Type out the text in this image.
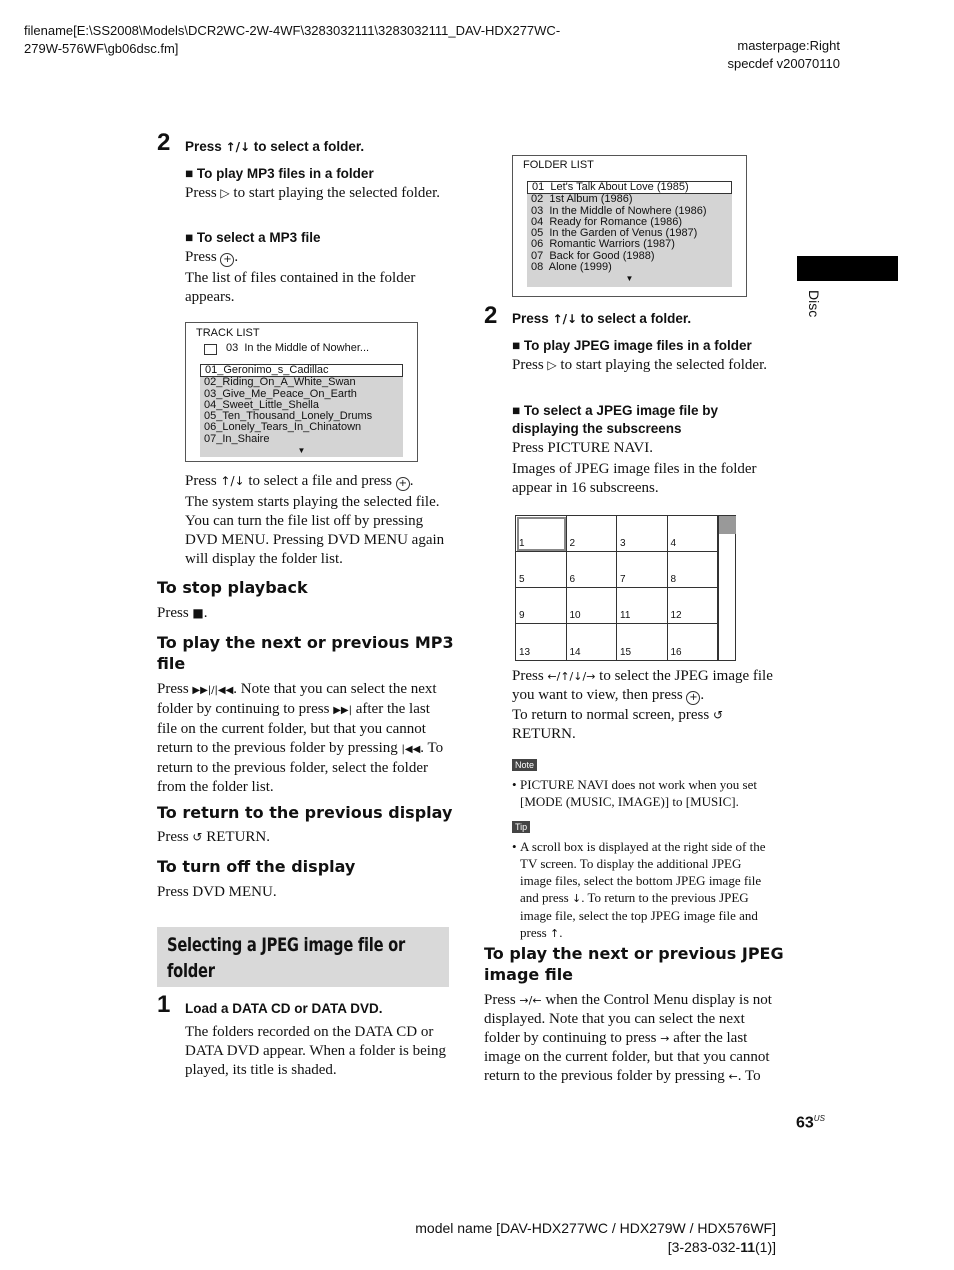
filename[E:\SS2008\Models\DCR2WC-2W-4WF\3283032111\3283032111_DAV-HDX277WC-
279W-576WF\gb06dsc.fm]	masterpage:Right
specdef v20070110
Disc
2 Press ↑/↓ to select a folder.
■ To play MP3 files in a folder

Press ▷ to start playing the selected folder.

■ To select a MP3 file

Press + .

The list of files contained in the folder appears.

TRACK LIST
03  In the Middle of Nowher...
01_Geronimo_s_Cadillac
02_Riding_On_A_White_Swan
03_Give_Me_Peace_On_Earth
04_Sweet_Little_Shella
05_Ten_Thousand_Lonely_Drums
06_Lonely_Tears_In_Chinatown
07_In_Shaire
▼

Press ↑/↓ to select a file and press + .

The system starts playing the selected file. You can turn the file list off by pressing DVD MENU. Pressing DVD MENU again will display the folder list.

To stop playback

Press ■.

To play the next or previous MP3 file

Press ▶▶|/|◀◀. Note that you can select the next folder by continuing to press ▶▶| after the last file on the current folder, but that you cannot return to the previous folder by pressing |◀◀. To return to the previous folder, select the folder from the folder list.

To return to the previous display

Press ↺ RETURN.

To turn off the display

Press DVD MENU.

Selecting a JPEG image file or folder
1 Load a DATA CD or DATA DVD.

The folders recorded on the DATA CD or DATA DVD appear. When a folder is being played, its title is shaded.

FOLDER LIST
01  Let's Talk About Love (1985)
02  1st Album (1986)
03  In the Middle of Nowhere (1986)
04  Ready for Romance (1986)
05  In the Garden of Venus (1987)
06  Romantic Warriors (1987)
07  Back for Good (1988)
08  Alone (1999)
▼
2 Press ↑/↓ to select a folder.
■ To play JPEG image files in a folder

Press ▷ to start playing the selected folder.

■ To select a JPEG image file by displaying the subscreens

Press PICTURE NAVI.

Images of JPEG image files in the folder appear in 16 subscreens.

1	2	3	4
5	6	7	8
9	10	11	12
13	14	15	16

Press ←/↑/↓/→ to select the JPEG image file you want to view, then press + .

To return to normal screen, press ↺ RETURN.

Note
• PICTURE NAVI does not work when you set [MODE (MUSIC, IMAGE)] to [MUSIC].
Tip
• A scroll box is displayed at the right side of the TV screen. To display the additional JPEG image files, select the bottom JPEG image file and press ↓. To return to the previous JPEG image file, select the top JPEG image file and press ↑.
To play the next or previous JPEG image file

Press →/← when the Control Menu display is not displayed. Note that you can select the next folder by continuing to press → after the last image on the current folder, but that you cannot return to the previous folder by pressing ←. To

$63^{US}$
model name [DAV-HDX277WC / HDX279W / HDX576WF]
[3-283-032-11(1)]
